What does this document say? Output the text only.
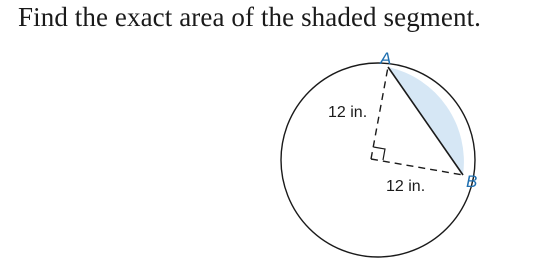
Find the exact area of the shaded segment.
A
B
12 in.
12 in.
